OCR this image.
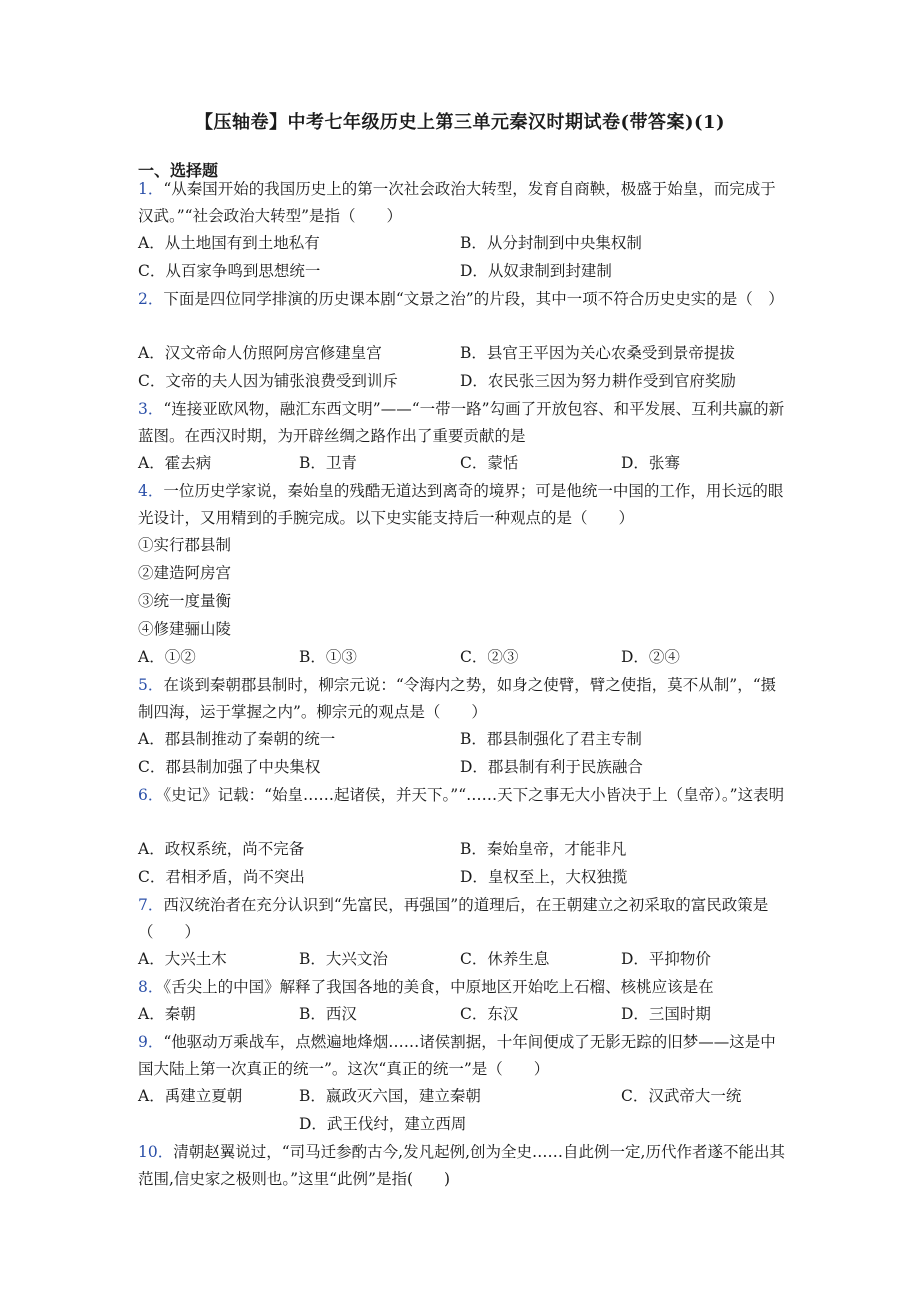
【压轴卷】中考七年级历史上第三单元秦汉时期试卷(带答案)(1)
一、选择题
1．“从秦国开始的我国历史上的第一次社会政治大转型，发育自商鞅，极盛于始皇，而完成于汉武。”“社会政治大转型”是指（　　）
A．从土地国有到土地私有	B．从分封制到中央集权制
C．从百家争鸣到思想统一	D．从奴隶制到封建制
2．下面是四位同学排演的历史课本剧“文景之治”的片段，其中一项不符合历史史实的是（　）
A．汉文帝命人仿照阿房宫修建皇宫	B．县官王平因为关心农桑受到景帝提拔
C．文帝的夫人因为铺张浪费受到训斥	D．农民张三因为努力耕作受到官府奖励
3．“连接亚欧风物，融汇东西文明”——“一带一路”勾画了开放包容、和平发展、互利共赢的新蓝图。在西汉时期，为开辟丝绸之路作出了重要贡献的是
A．霍去病	B．卫青	C．蒙恬	D．张骞
4．一位历史学家说，秦始皇的残酷无道达到离奇的境界；可是他统一中国的工作，用长远的眼光设计，又用精到的手腕完成。以下史实能支持后一种观点的是（　　）
①实行郡县制
②建造阿房宫
③统一度量衡
④修建骊山陵
A．①②	B．①③	C．②③	D．②④
5．在谈到秦朝郡县制时，柳宗元说：“令海内之势，如身之使臂，臂之使指，莫不从制”，“摄制四海，运于掌握之内”。柳宗元的观点是（　　）
A．郡县制推动了秦朝的统一	B．郡县制强化了君主专制
C．郡县制加强了中央集权	D．郡县制有利于民族融合
6．《史记》记载：“始皇……起诸侯，并天下。”“……天下之事无大小皆决于上（皇帝）。”这表明
A．政权系统，尚不完备	B．秦始皇帝，才能非凡
C．君相矛盾，尚不突出	D．皇权至上，大权独揽
7．西汉统治者在充分认识到“先富民，再强国”的道理后，在王朝建立之初采取的富民政策是（　　）
A．大兴土木	B．大兴文治	C．休养生息	D．平抑物价
8．《舌尖上的中国》解释了我国各地的美食，中原地区开始吃上石榴、核桃应该是在
A．秦朝	B．西汉	C．东汉	D．三国时期
9．“他驱动万乘战车，点燃遍地烽烟……诸侯割据，十年间便成了无影无踪的旧梦——这是中国大陆上第一次真正的统一”。这次“真正的统一”是（　　）
A．禹建立夏朝	B．嬴政灭六国，建立秦朝	C．汉武帝大一统
D．武王伐纣，建立西周
10．清朝赵翼说过，“司马迁参酌古今,发凡起例,创为全史……自此例一定,历代作者遂不能出其范围,信史家之极则也。”这里“此例”是指(　　)
